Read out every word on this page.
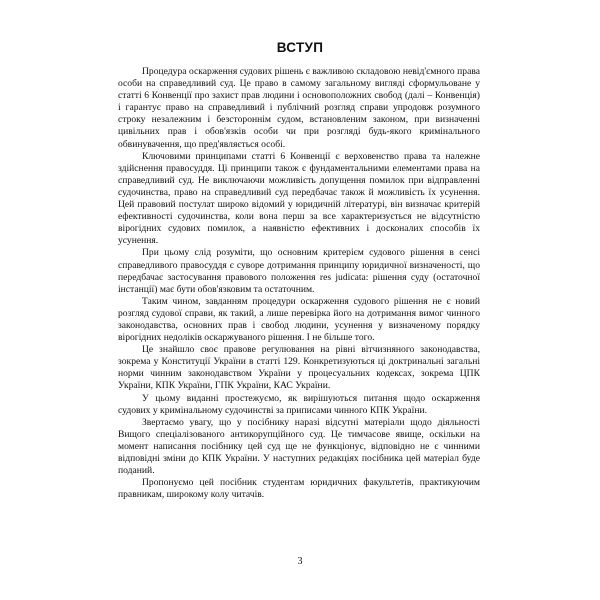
ВСТУП

Процедура оскарження судових рішень є важливою складовою невід'ємного права особи на справедливий суд. Це право в самому загальному вигляді сформульоване у статті 6 Конвенції про захист прав людини і основоположних свобод (далі – Конвенція) і гарантує право на справедливий і публічний розгляд справи упродовж розумного строку незалежним і безстороннім судом, встановленим законом, при визначенні цивільних прав і обов'язків особи чи при розгляді будь-якого кримінального обвинувачення, що пред'являється особі.

Ключовими принципами статті 6 Конвенції є верховенство права та належне здійснення правосуддя. Ці принципи також є фундаментальними елементами права на справедливий суд. Не виключаючи можливість допущення помилок при відправленні судочинства, право на справедливий суд передбачає також й можливість їх усунення. Цей правовий постулат широко відомий у юридичній літературі, він визначає критерій ефективності судочинства, коли вона перш за все характеризується не відсутністю вірогідних судових помилок, а наявністю ефективних і досконалих способів їх усунення.

При цьому слід розуміти, що основним критерієм судового рішення в сенсі справедливого правосуддя є суворе дотримання принципу юридичної визначеності, що передбачає застосування правового положення res judicata: рішення суду (остаточної інстанції) має бути обов'язковим та остаточним.

Таким чином, завданням процедури оскарження судового рішення не є новий розгляд судової справи, як такий, а лише перевірка його на дотримання вимог чинного законодавства, основних прав і свобод людини, усунення у визначеному порядку вірогідних недоліків оскаржуваного рішення. І не більше того.

Це знайшло своє правове регулювання на рівні вітчизняного законодавства, зокрема у Конституції України в статті 129. Конкретизуються ці доктринальні загальні норми чинним законодавством України у процесуальних кодексах, зокрема ЦПК України, КПК України, ГПК України, КАС України.

У цьому виданні простежуємо, як вирішуються питання щодо оскарження судових у кримінальному судочинстві за приписами чинного КПК України.

Звертаємо увагу, що у посібнику наразі відсутні матеріали щодо діяльності Вищого спеціалізованого антикорупційного суд. Це тимчасове явище, оскільки на момент написання посібнику цей суд ще не функціонує, відповідно не є чинними відповідні зміни до КПК України. У наступних редакціях посібника цей матеріал буде поданий.

Пропонуємо цей посібник студентам юридичних факультетів, практикуючим правникам, широкому колу читачів.

3
